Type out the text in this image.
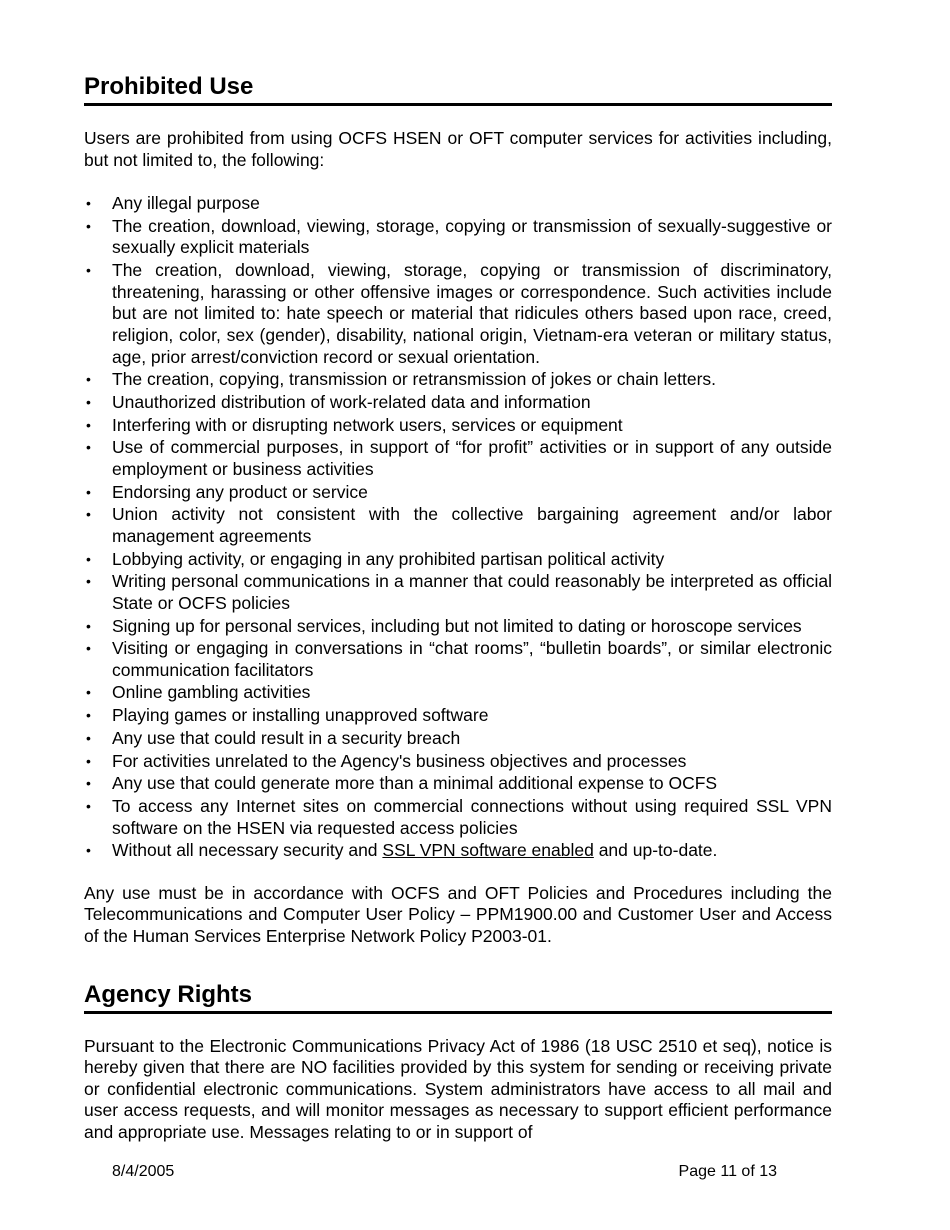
Prohibited Use

Users are prohibited from using OCFS HSEN or OFT computer services for activities including, but not limited to, the following:

• Any illegal purpose
• The creation, download, viewing, storage, copying or transmission of sexually-suggestive or sexually explicit materials
• The creation, download, viewing, storage, copying or transmission of discriminatory, threatening, harassing or other offensive images or correspondence. Such activities include but are not limited to: hate speech or material that ridicules others based upon race, creed, religion, color, sex (gender), disability, national origin, Vietnam-era veteran or military status, age, prior arrest/conviction record or sexual orientation.
• The creation, copying, transmission or retransmission of jokes or chain letters.
• Unauthorized distribution of work-related data and information
• Interfering with or disrupting network users, services or equipment
• Use of commercial purposes, in support of “for profit” activities or in support of any outside employment or business activities
• Endorsing any product or service
• Union activity not consistent with the collective bargaining agreement and/or labor management agreements
• Lobbying activity, or engaging in any prohibited partisan political activity
• Writing personal communications in a manner that could reasonably be interpreted as official State or OCFS policies
• Signing up for personal services, including but not limited to dating or horoscope services
• Visiting or engaging in conversations in “chat rooms”, “bulletin boards”, or similar electronic communication facilitators
• Online gambling activities
• Playing games or installing unapproved software
• Any use that could result in a security breach
• For activities unrelated to the Agency's business objectives and processes
• Any use that could generate more than a minimal additional expense to OCFS
• To access any Internet sites on commercial connections without using required SSL VPN software on the HSEN via requested access policies
• Without all necessary security and SSL VPN software enabled and up-to-date.

Any use must be in accordance with OCFS and OFT Policies and Procedures including the Telecommunications and Computer User Policy – PPM1900.00 and Customer User and Access of the Human Services Enterprise Network Policy P2003-01.

Agency Rights

Pursuant to the Electronic Communications Privacy Act of 1986 (18 USC 2510 et seq), notice is hereby given that there are NO facilities provided by this system for sending or receiving private or confidential electronic communications. System administrators have access to all mail and user access requests, and will monitor messages as necessary to support efficient performance and appropriate use. Messages relating to or in support of

8/4/2005	Page 11 of 13
